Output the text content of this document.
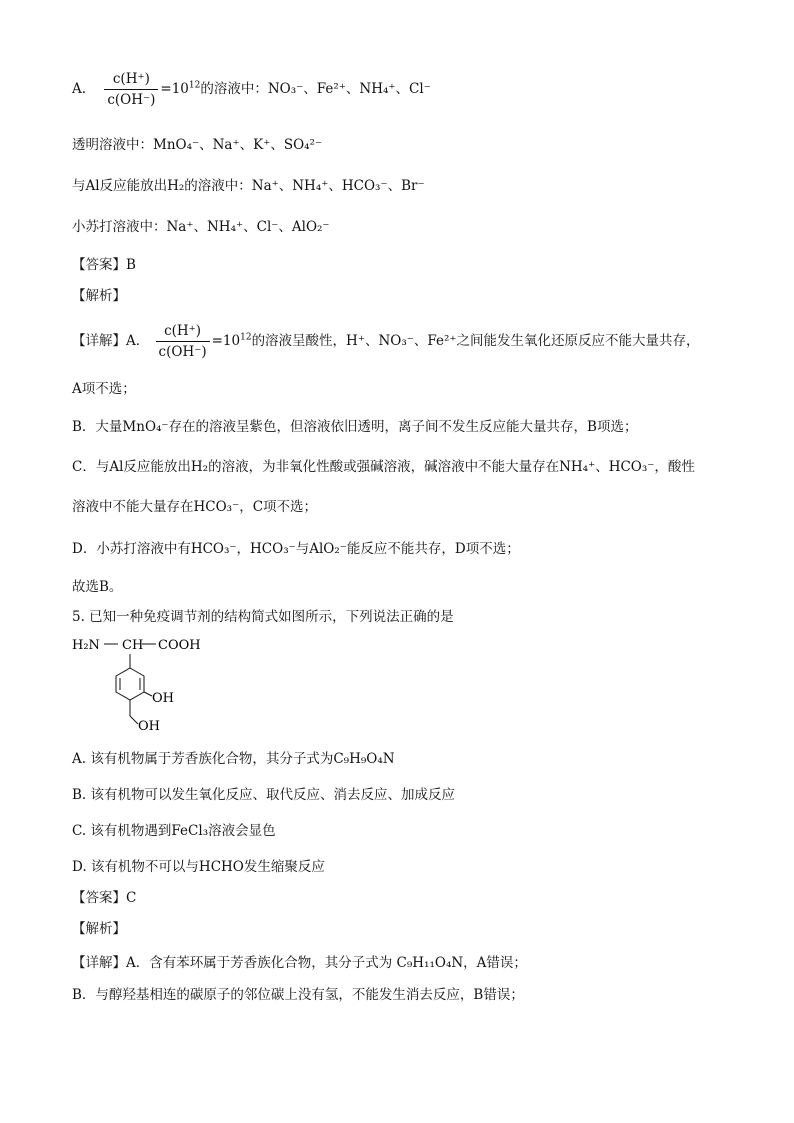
A. $\frac{c(H^+)}{c(OH^-)} =10^{12}$的溶液中：NO₃⁻、Fe²⁺、NH₄⁺、Cl⁻
透明溶液中：MnO₄⁻、Na⁺、K⁺、SO₄²⁻
与Al反应能放出H₂的溶液中：Na⁺、NH₄⁺、HCO₃⁻、Br⁻
小苏打溶液中：Na⁺、NH₄⁺、Cl⁻、AlO₂⁻
【答案】B
【解析】
【详解】A． $\frac{c(H^+)}{c(OH^-)} =10^{12}$的溶液呈酸性，H⁺、NO₃⁻、Fe²⁺之间能发生氧化还原反应不能大量共存，
A项不选；
B．大量MnO₄⁻存在的溶液呈紫色，但溶液依旧透明，离子间不发生反应能大量共存，B项选；
C．与Al反应能放出H₂的溶液，为非氧化性酸或强碱溶液，碱溶液中不能大量存在NH₄⁺、HCO₃⁻，酸性
溶液中不能大量存在HCO₃⁻，C项不选；
D．小苏打溶液中有HCO₃⁻，HCO₃⁻与AlO₂⁻能反应不能共存，D项不选；
故选B。
5. 已知一种免疫调节剂的结构简式如图所示，下列说法正确的是
H₂N CH COOH
OH
OH
A. 该有机物属于芳香族化合物，其分子式为C₉H₉O₄N
B. 该有机物可以发生氧化反应、取代反应、消去反应、加成反应
C. 该有机物遇到FeCl₃溶液会显色
D. 该有机物不可以与HCHO发生缩聚反应
【答案】C
【解析】
【详解】A．含有苯环属于芳香族化合物，其分子式为 C₉H₁₁O₄N，A错误；
B．与醇羟基相连的碳原子的邻位碳上没有氢，不能发生消去反应，B错误；
